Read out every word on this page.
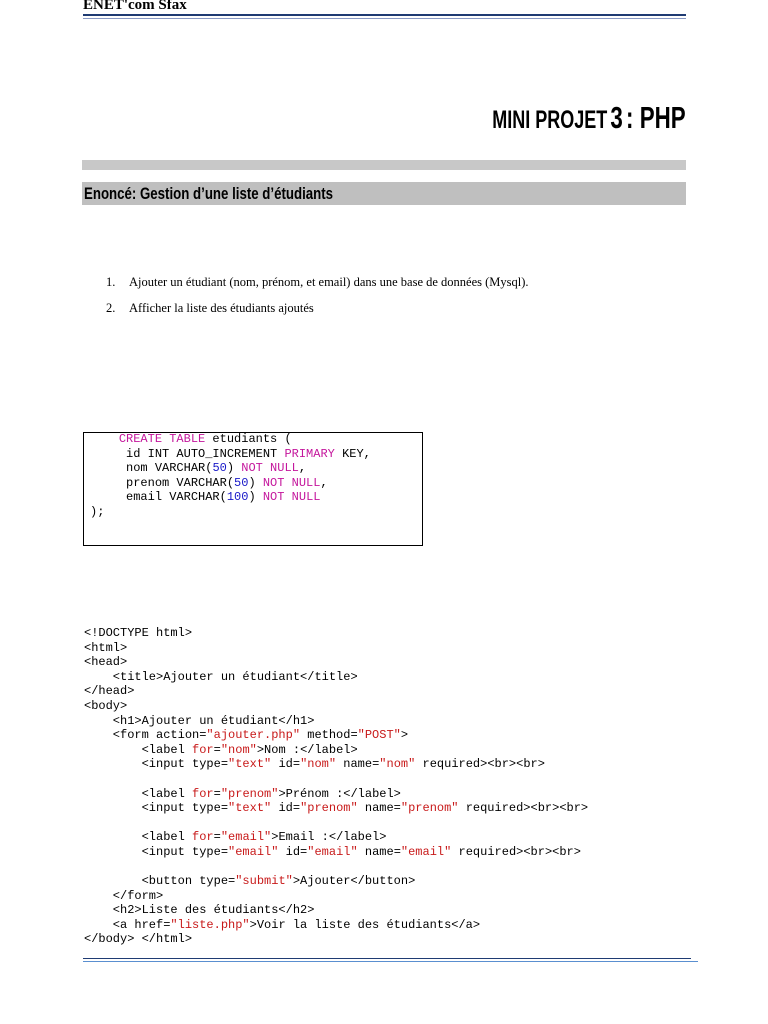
ENET'com Sfax
MINI PROJET 3 : PHP
Enoncé: Gestion d’une liste d’étudiants
1. Ajouter un étudiant (nom, prénom, et email) dans une base de données (Mysql).
2. Afficher la liste des étudiants ajoutés
CREATE TABLE etudiants (
id INT AUTO_INCREMENT PRIMARY KEY,
nom VARCHAR(50) NOT NULL,
prenom VARCHAR(50) NOT NULL,
email VARCHAR(100) NOT NULL
);
<!DOCTYPE html>
<html>
<head>
<title>Ajouter un étudiant</title>
</head>
<body>
<h1>Ajouter un étudiant</h1>
<form action="ajouter.php" method="POST">
<label for="nom">Nom :</label>
<input type="text" id="nom" name="nom" required><br><br>

<label for="prenom">Prénom :</label>
<input type="text" id="prenom" name="prenom" required><br><br>

<label for="email">Email :</label>
<input type="email" id="email" name="email" required><br><br>

<button type="submit">Ajouter</button>
</form>
<h2>Liste des étudiants</h2>
<a href="liste.php">Voir la liste des étudiants</a>
</body> </html>
